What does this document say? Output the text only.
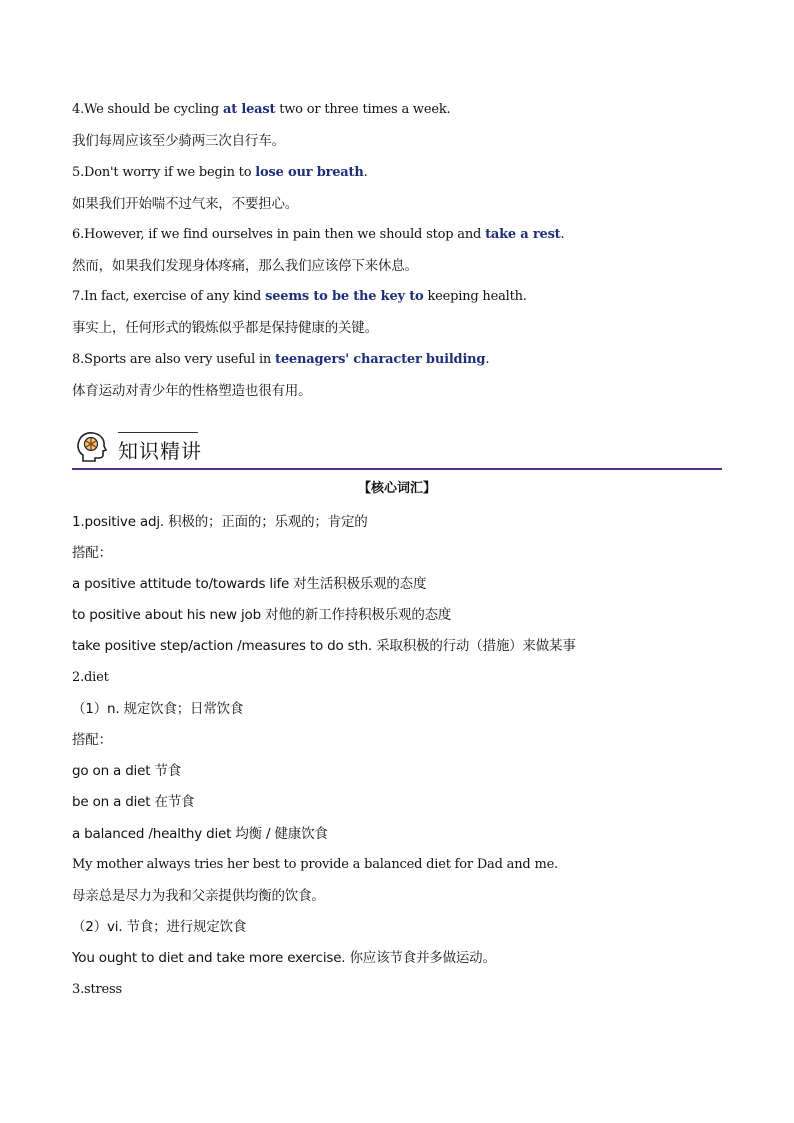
4.We should be cycling at least two or three times a week.
我们每周应该至少骑两三次自行车。
5.Don't worry if we begin to lose our breath.
如果我们开始喘不过气来，不要担心。
6.However, if we find ourselves in pain then we should stop and take a rest.
然而，如果我们发现身体疼痛，那么我们应该停下来休息。
7.In fact, exercise of any kind seems to be the key to keeping health.
事实上，任何形式的锻炼似乎都是保持健康的关键。
8.Sports are also very useful in teenagers' character building.
体育运动对青少年的性格塑造也很有用。
知识精讲
【核心词汇】
1.positive adj. 积极的；正面的；乐观的；肯定的
搭配：
a positive attitude to/towards life 对生活积极乐观的态度
to positive about his new job 对他的新工作持积极乐观的态度
take positive step/action /measures to do sth. 采取积极的行动（措施）来做某事
2.diet
（1）n. 规定饮食；日常饮食
搭配：
go on a diet 节食
be on a diet 在节食
a balanced /healthy diet 均衡 / 健康饮食
My mother always tries her best to provide a balanced diet for Dad and me.
母亲总是尽力为我和父亲提供均衡的饮食。
（2）vi. 节食；进行规定饮食
You ought to diet and take more exercise. 你应该节食并多做运动。
3.stress
